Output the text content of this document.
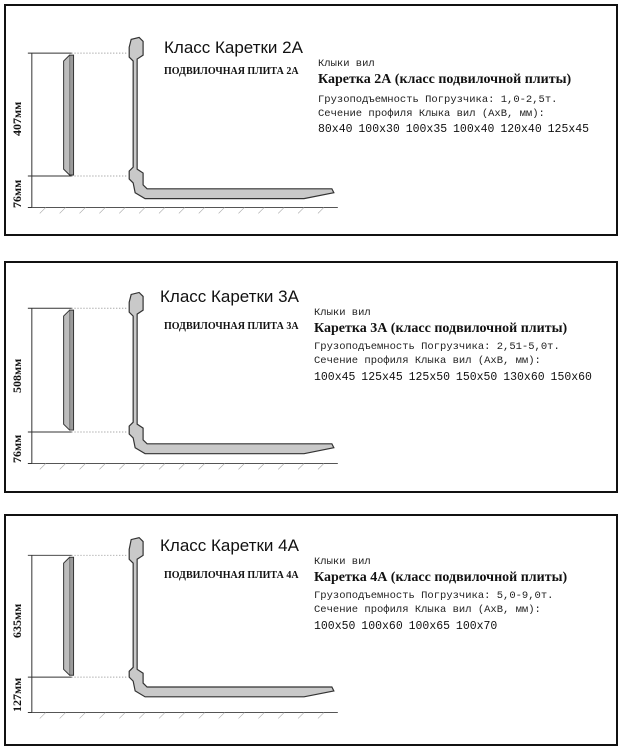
407мм
76мм
Класс Каретки 2А
ПОДВИЛОЧНАЯ ПЛИТА 2А
Клыки вил
Каретка 2А (класс подвилочной плиты)
Грузоподъемность Погрузчика: 1,0-2,5т.
Сечение профиля Клыка вил (АхВ, мм):
80х40 100х30 100х35 100х40 120х40 125х45
508мм
76мм
Класс Каретки 3А
ПОДВИЛОЧНАЯ ПЛИТА 3А
Клыки вил
Каретка 3А (класс подвилочной плиты)
Грузоподъемность Погрузчика: 2,51-5,0т.
Сечение профиля Клыка вил (АхВ, мм):
100х45 125х45 125х50 150х50 130х60 150х60
635мм
127мм
Класс Каретки 4А
ПОДВИЛОЧНАЯ ПЛИТА 4А
Клыки вил
Каретка 4А (класс подвилочной плиты)
Грузоподъемность Погрузчика: 5,0-9,0т.
Сечение профиля Клыка вил (АхВ, мм):
100х50 100х60 100х65 100х70
